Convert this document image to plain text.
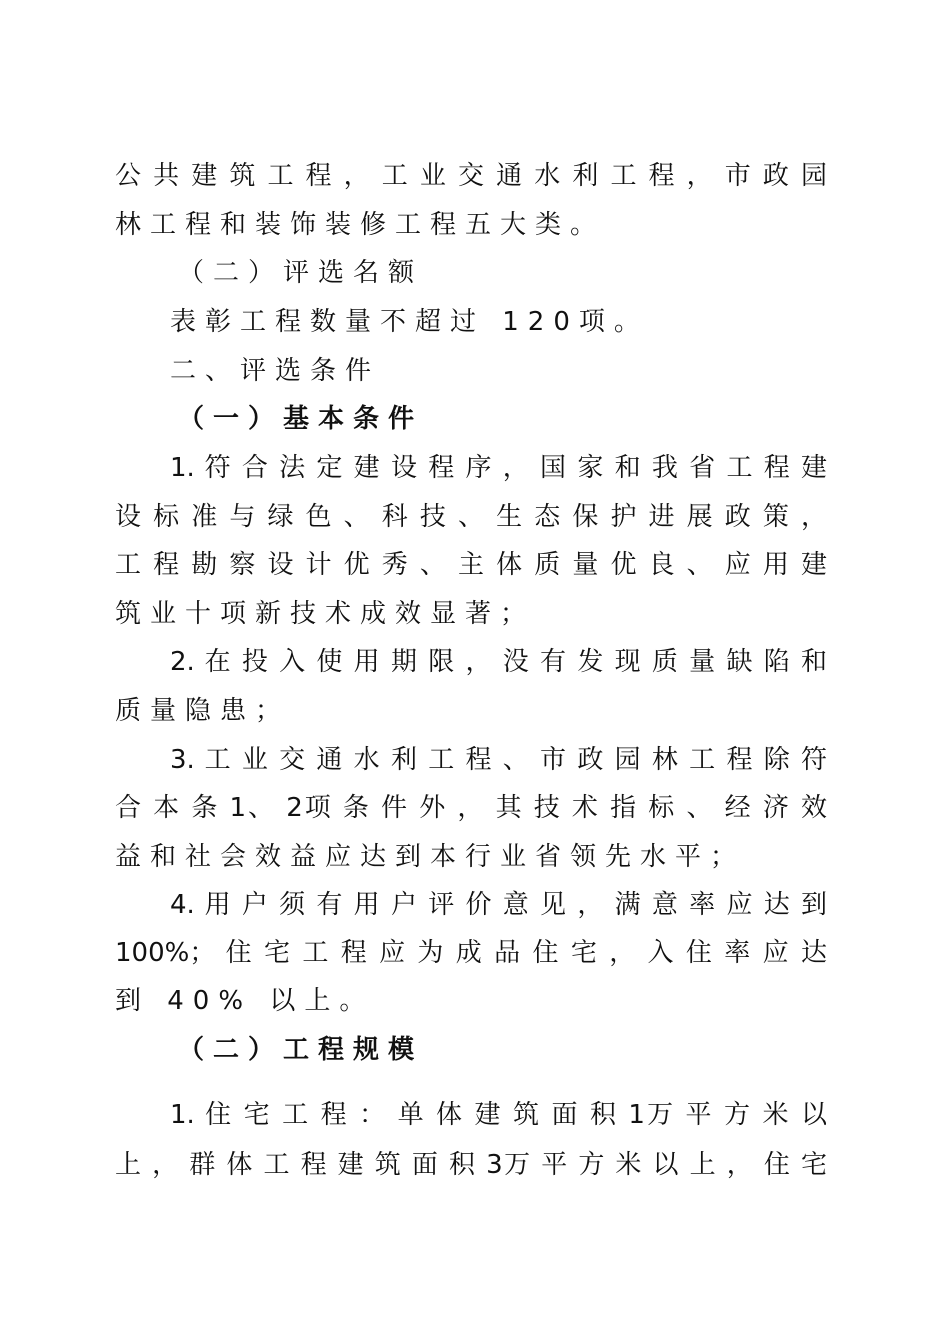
公 共 建 筑 工 程 ， 工 业 交 通 水 利 工 程 ， 市 政 园
林工程和装饰装修工程五大类。
（二）评选名额
表彰工程数量不超过 120项。
二、评选条件
（一）基本条件
1. 符 合 法 定 建 设 程 序 ， 国 家 和 我 省 工 程 建
设 标 准 与 绿 色 、 科 技 、 生 态 保 护 进 展 政 策 ，
工 程 勘 察 设 计 优 秀 、 主 体 质 量 优 良 、 应 用 建
筑业十项新技术成效显著；
2. 在 投 入 使 用 期 限 ， 没 有 发 现 质 量 缺 陷 和
质量隐患；
3. 工 业 交 通 水 利 工 程 、 市 政 园 林 工 程 除 符
合 本 条 1、 2项 条 件 外 ， 其 技 术 指 标 、 经 济 效
益和社会效益应达到本行业省领先水平；
4. 用 户 须 有 用 户 评 价 意 见 ， 满 意 率 应 达 到
100%； 住 宅 工 程 应 为 成 品 住 宅 ， 入 住 率 应 达
到 40% 以上。
（二）工程规模
1. 住 宅 工 程 ： 单 体 建 筑 面 积 1万 平 方 米 以
上 ， 群 体 工 程 建 筑 面 积 3万 平 方 米 以 上 ， 住 宅
